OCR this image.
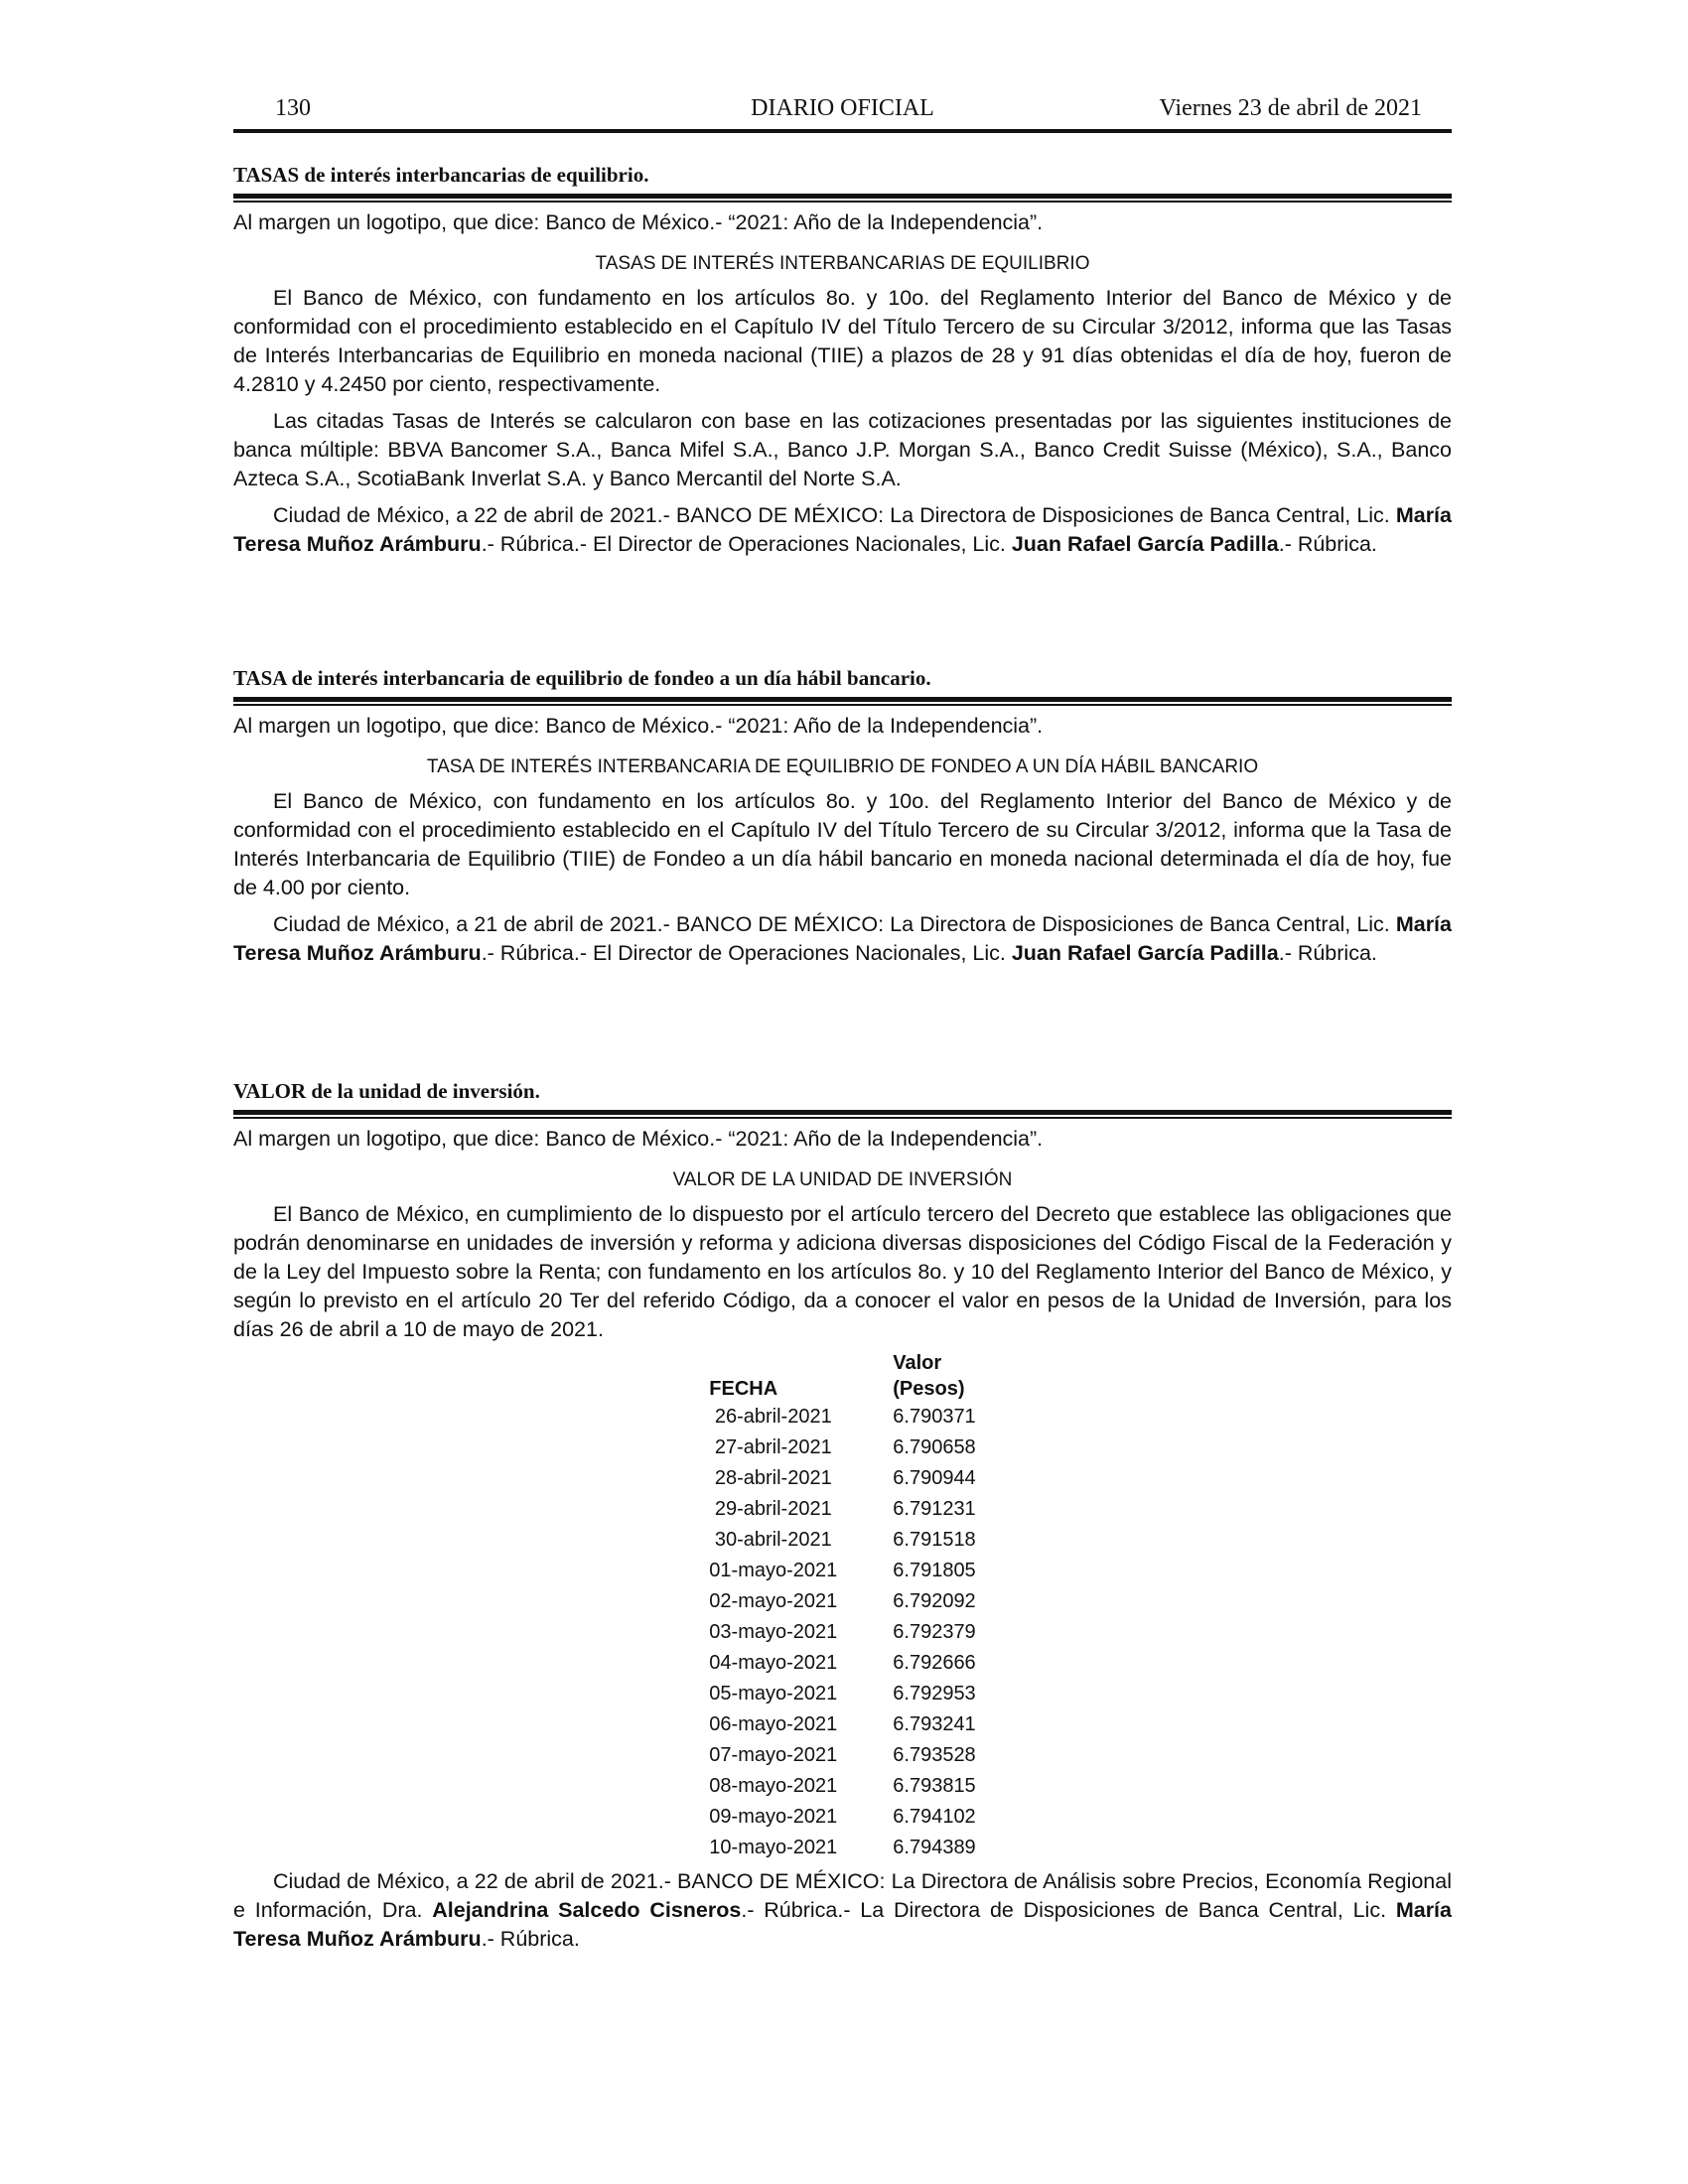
130	DIARIO OFICIAL	Viernes 23 de abril de 2021
TASAS de interés interbancarias de equilibrio.

Al margen un logotipo, que dice: Banco de México.- “2021: Año de la Independencia”.

TASAS DE INTERÉS INTERBANCARIAS DE EQUILIBRIO

El Banco de México, con fundamento en los artículos 8o. y 10o. del Reglamento Interior del Banco de México y de conformidad con el procedimiento establecido en el Capítulo IV del Título Tercero de su Circular 3/2012, informa que las Tasas de Interés Interbancarias de Equilibrio en moneda nacional (TIIE) a plazos de 28 y 91 días obtenidas el día de hoy, fueron de 4.2810 y 4.2450 por ciento, respectivamente.

Las citadas Tasas de Interés se calcularon con base en las cotizaciones presentadas por las siguientes instituciones de banca múltiple: BBVA Bancomer S.A., Banca Mifel S.A., Banco J.P. Morgan S.A., Banco Credit Suisse (México), S.A., Banco Azteca S.A., ScotiaBank Inverlat S.A. y Banco Mercantil del Norte S.A.

Ciudad de México, a 22 de abril de 2021.- BANCO DE MÉXICO: La Directora de Disposiciones de Banca Central, Lic. María Teresa Muñoz Arámburu.- Rúbrica.- El Director de Operaciones Nacionales, Lic. Juan Rafael García Padilla.- Rúbrica.

TASA de interés interbancaria de equilibrio de fondeo a un día hábil bancario.

Al margen un logotipo, que dice: Banco de México.- “2021: Año de la Independencia”.

TASA DE INTERÉS INTERBANCARIA DE EQUILIBRIO DE FONDEO A UN DÍA HÁBIL BANCARIO

El Banco de México, con fundamento en los artículos 8o. y 10o. del Reglamento Interior del Banco de México y de conformidad con el procedimiento establecido en el Capítulo IV del Título Tercero de su Circular 3/2012, informa que la Tasa de Interés Interbancaria de Equilibrio (TIIE) de Fondeo a un día hábil bancario en moneda nacional determinada el día de hoy, fue de 4.00 por ciento.

Ciudad de México, a 21 de abril de 2021.- BANCO DE MÉXICO: La Directora de Disposiciones de Banca Central, Lic. María Teresa Muñoz Arámburu.- Rúbrica.- El Director de Operaciones Nacionales, Lic. Juan Rafael García Padilla.- Rúbrica.

VALOR de la unidad de inversión.

Al margen un logotipo, que dice: Banco de México.- “2021: Año de la Independencia”.

VALOR DE LA UNIDAD DE INVERSIÓN

El Banco de México, en cumplimiento de lo dispuesto por el artículo tercero del Decreto que establece las obligaciones que podrán denominarse en unidades de inversión y reforma y adiciona diversas disposiciones del Código Fiscal de la Federación y de la Ley del Impuesto sobre la Renta; con fundamento en los artículos 8o. y 10 del Reglamento Interior del Banco de México, y según lo previsto en el artículo 20 Ter del referido Código, da a conocer el valor en pesos de la Unidad de Inversión, para los días 26 de abril a 10 de mayo de 2021.

FECHA	Valor
(Pesos)
26-abril-2021	6.790371
27-abril-2021	6.790658
28-abril-2021	6.790944
29-abril-2021	6.791231
30-abril-2021	6.791518
01-mayo-2021	6.791805
02-mayo-2021	6.792092
03-mayo-2021	6.792379
04-mayo-2021	6.792666
05-mayo-2021	6.792953
06-mayo-2021	6.793241
07-mayo-2021	6.793528
08-mayo-2021	6.793815
09-mayo-2021	6.794102
10-mayo-2021	6.794389

Ciudad de México, a 22 de abril de 2021.- BANCO DE MÉXICO: La Directora de Análisis sobre Precios, Economía Regional e Información, Dra. Alejandrina Salcedo Cisneros.- Rúbrica.- La Directora de Disposiciones de Banca Central, Lic. María Teresa Muñoz Arámburu.- Rúbrica.
